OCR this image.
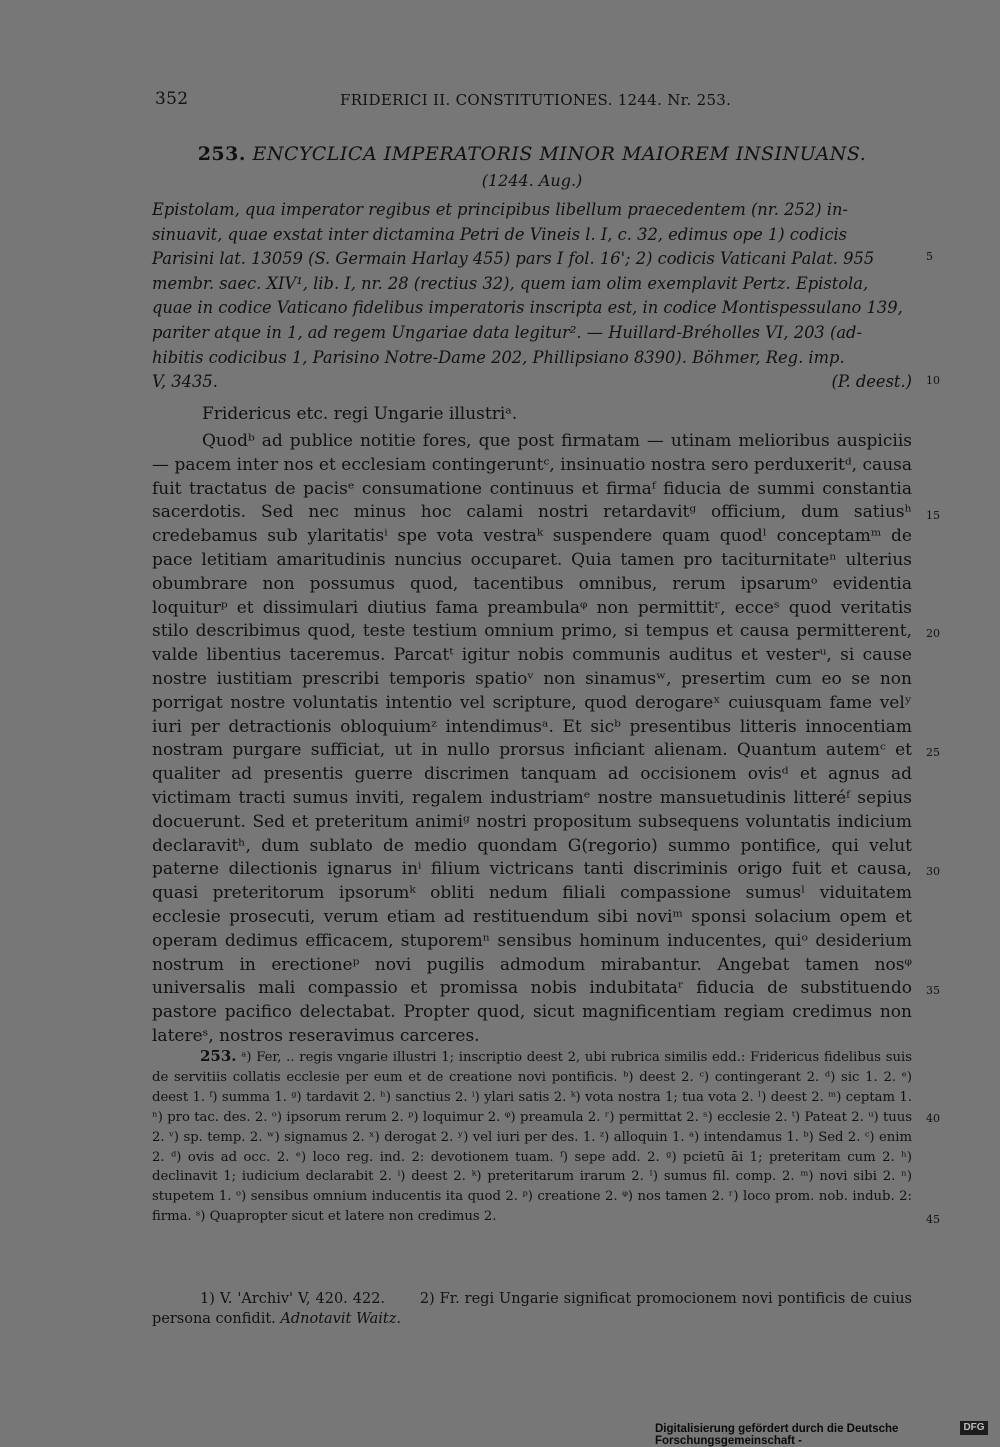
352	FRIDERICI II. CONSTITUTIONES. 1244. Nr. 253.
253. ENCYCLICA IMPERATORIS MINOR MAIOREM INSINUANS.
(1244. Aug.)
Epistolam, qua imperator regibus et principibus libellum praecedentem (nr. 252) in-
sinuavit, quae exstat inter dictamina Petri de Vineis l. I, c. 32, edimus ope 1) codicis
Parisini lat. 13059 (S. Germain Harlay 455) pars I fol. 16'; 2) codicis Vaticani Palat. 955
membr. saec. XIV¹, lib. I, nr. 28 (rectius 32), quem iam olim exemplavit Pertz. Epistola,
quae in codice Vaticano fidelibus imperatoris inscripta est, in codice Montispessulano 139,
pariter atque in 1, ad regem Ungariae data legitur². — Huillard-Bréholles VI, 203 (ad-
hibitis codicibus 1, Parisino Notre-Dame 202, Phillipsiano 8390). Böhmer, Reg. imp.
V, 3435.	(P. deest.)
Fridericus etc. regi Ungarie illustriᵃ.
Quodᵇ ad publice notitie fores, que post firmatam — utinam melioribus auspiciis — pacem inter nos et ecclesiam contingeruntᶜ, insinuatio nostra sero perduxeritᵈ, causa fuit tractatus de pacisᵉ consumatione continuus et firmaᶠ fiducia de summi constantia sacerdotis. Sed nec minus hoc calami nostri retardavitᵍ officium, dum satiusʰ credebamus sub ylaritatisⁱ spe vota vestraᵏ suspendere quam quodˡ conceptamᵐ de pace letitiam amaritudinis nuncius occuparet. Quia tamen pro taciturnitateⁿ ulterius obumbrare non possumus quod, tacentibus omnibus, rerum ipsarumᵒ evidentia loquiturᵖ et dissimulari diutius fama preambulaᵠ non permittitʳ, ecceˢ quod veritatis stilo describimus quod, teste testium omnium primo, si tempus et causa permitterent, valde libentius taceremus. Parcatᵗ igitur nobis communis auditus et vesterᵘ, si cause nostre iustitiam prescribi temporis spatioᵛ non sinamusʷ, presertim cum eo se non porrigat nostre voluntatis intentio vel scripture, quod derogareˣ cuiusquam fame velʸ iuri per detractionis obloquiumᶻ intendimusᵃ. Et sicᵇ presentibus litteris innocentiam nostram purgare sufficiat, ut in nullo prorsus inficiant alienam. Quantum autemᶜ et qualiter ad presentis guerre discrimen tanquam ad occisionem ovisᵈ et agnus ad victimam tracti sumus inviti, regalem industriamᵉ nostre mansuetudinis litteréᶠ sepius docuerunt. Sed et preteritum animiᵍ nostri propositum subsequens voluntatis indicium declaravitʰ, dum sublato de medio quondam G(regorio) summo pontifice, qui velut paterne dilectionis ignarus inⁱ filium victricans tanti discriminis origo fuit et causa, quasi preteritorum ipsorumᵏ obliti nedum filiali compassione sumusˡ viduitatem ecclesie prosecuti, verum etiam ad restituendum sibi noviᵐ sponsi solacium opem et operam dedimus efficacem, stuporemⁿ sensibus hominum inducentes, quiᵒ desiderium nostrum in erectioneᵖ novi pugilis admodum mirabantur. Angebat tamen nosᵠ universalis mali compassio et promissa nobis indubitataʳ fiducia de substituendo pastore pacifico delectabat. Propter quod, sicut magnificentiam regiam credimus non latereˢ, nostros reseravimus carceres.
253. ᵃ) Fer, .. regis vngarie illustri 1; inscriptio deest 2, ubi rubrica similis edd.: Fridericus fidelibus suis de servitiis collatis ecclesie per eum et de creatione novi pontificis. ᵇ) deest 2. ᶜ) contingerant 2. ᵈ) sic 1. 2. ᵉ) deest 1. ᶠ) summa 1. ᵍ) tardavit 2. ʰ) sanctius 2. ⁱ) ylari satis 2. ᵏ) vota nostra 1; tua vota 2. ˡ) deest 2. ᵐ) ceptam 1. ⁿ) pro tac. des. 2. ᵒ) ipsorum rerum 2. ᵖ) loquimur 2. ᵠ) preamula 2. ʳ) permittat 2. ˢ) ecclesie 2. ᵗ) Pateat 2. ᵘ) tuus 2. ᵛ) sp. temp. 2. ʷ) signamus 2. ˣ) derogat 2. ʸ) vel iuri per des. 1. ᶻ) alloquin 1. ᵃ) intendamus 1. ᵇ) Sed 2. ᶜ) enim 2. ᵈ) ovis ad occ. 2. ᵉ) loco reg. ind. 2: devotionem tuam. ᶠ) sepe add. 2. ᵍ) pcietū āi 1; preteritam cum 2. ʰ) declinavit 1; iudicium declarabit 2. ⁱ) deest 2. ᵏ) preteritarum irarum 2. ˡ) sumus fil. comp. 2. ᵐ) novi sibi 2. ⁿ) stupetem 1. ᵒ) sensibus omnium inducentis ita quod 2. ᵖ) creatione 2. ᵠ) nos tamen 2. ʳ) loco prom. nob. indub. 2: firma. ˢ) Quapropter sicut et latere non credimus 2.
1) V. 'Archiv' V, 420. 422. 2) Fr. regi Ungarie significat promocionem novi pontificis de cuius persona confidit. Adnotavit Waitz.
5
10
15
20
25
30
35
40
45
Digitalisierung gefördert durch die Deutsche Forschungsgemeinschaft -
DFG
